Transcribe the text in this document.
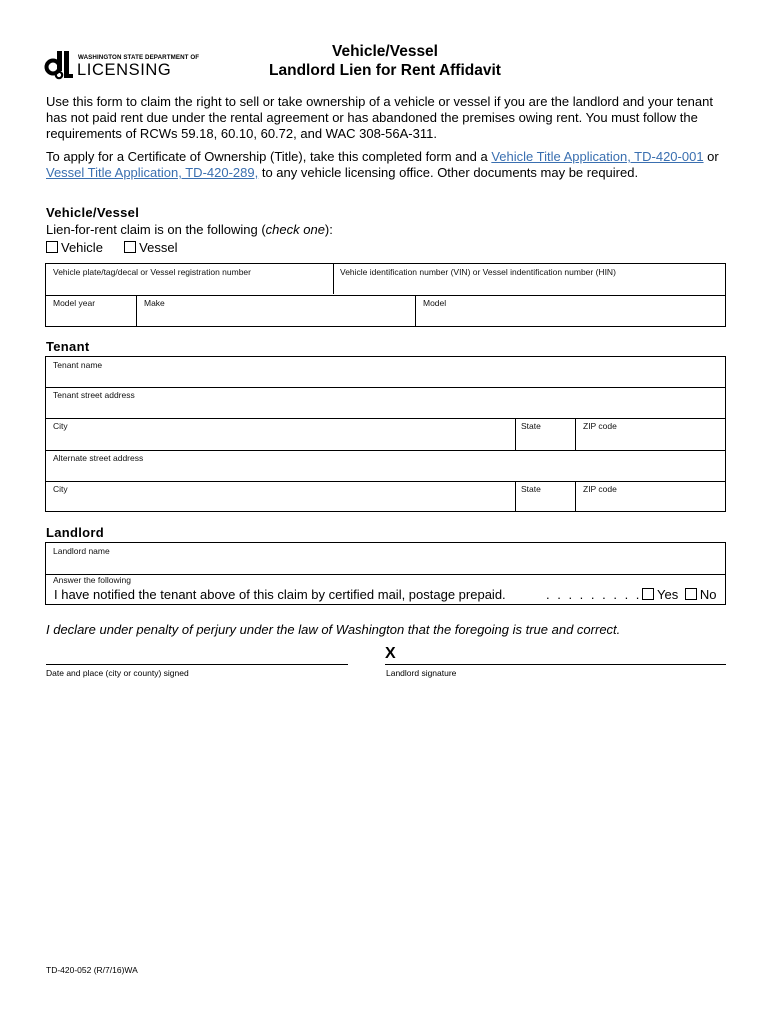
WASHINGTON STATE DEPARTMENT OF
LICENSING
Vehicle/Vessel
Landlord Lien for Rent Affidavit
Use this form to claim the right to sell or take ownership of a vehicle or vessel if you are the landlord and your tenant has not paid rent due under the rental agreement or has abandoned the premises owing rent. You must follow the requirements of RCWs 59.18, 60.10, 60.72, and WAC 308-56A-311.
To apply for a Certificate of Ownership (Title), take this completed form and a Vehicle Title Application, TD-420-001 or Vessel Title Application, TD-420-289, to any vehicle licensing office. Other documents may be required.
Vehicle/Vessel
Lien-for-rent claim is on the following (check one):
Vehicle	Vessel
Vehicle plate/tag/decal or Vessel registration number	Vehicle identification number (VIN) or Vessel indentification number (HIN)
Model year	Make	Model
Tenant
Tenant name
Tenant street address
City	State	ZIP code
Alternate street address
City	State	ZIP code
Landlord
Landlord name
Answer the following
I have notified the tenant above of this claim by certified mail, postage prepaid.	. . . . . . . . .	Yes No
I declare under penalty of perjury under the law of Washington that the foregoing is true and correct.
X
Date and place (city or county) signed	Landlord signature
TD-420-052 (R/7/16)WA
